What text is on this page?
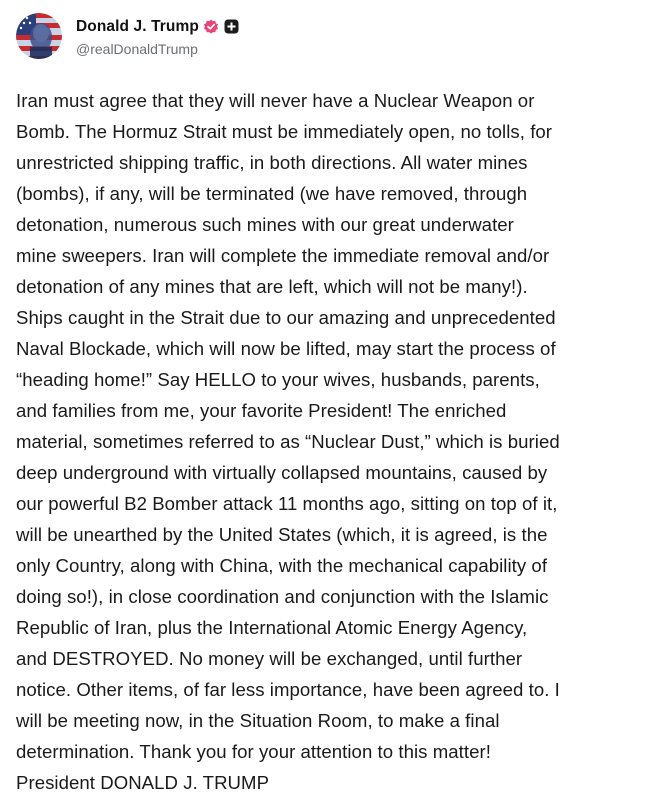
Donald J. Trump
@realDonaldTrump
Iran must agree that they will never have a Nuclear Weapon or
Bomb. The Hormuz Strait must be immediately open, no tolls, for
unrestricted shipping traffic, in both directions. All water mines
(bombs), if any, will be terminated (we have removed, through
detonation, numerous such mines with our great underwater
mine sweepers. Iran will complete the immediate removal and/or
detonation of any mines that are left, which will not be many!).
Ships caught in the Strait due to our amazing and unprecedented
Naval Blockade, which will now be lifted, may start the process of
“heading home!” Say HELLO to your wives, husbands, parents,
and families from me, your favorite President! The enriched
material, sometimes referred to as “Nuclear Dust,” which is buried
deep underground with virtually collapsed mountains, caused by
our powerful B2 Bomber attack 11 months ago, sitting on top of it,
will be unearthed by the United States (which, it is agreed, is the
only Country, along with China, with the mechanical capability of
doing so!), in close coordination and conjunction with the Islamic
Republic of Iran, plus the International Atomic Energy Agency,
and DESTROYED. No money will be exchanged, until further
notice. Other items, of far less importance, have been agreed to. I
will be meeting now, in the Situation Room, to make a final
determination. Thank you for your attention to this matter!
President DONALD J. TRUMP
